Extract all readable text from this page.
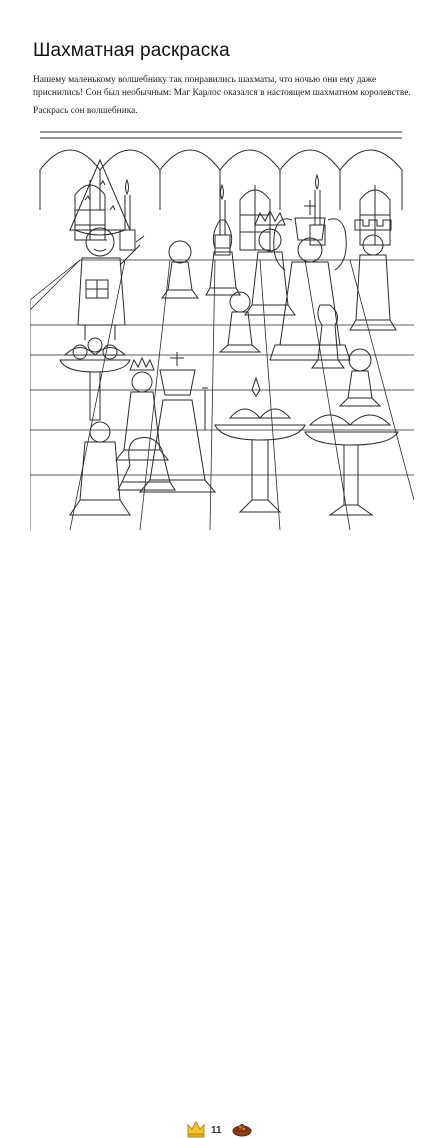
Шахматная раскраска

Нашему маленькому волшебнику так понравились шахматы, что ночью они ему даже приснились! Сон был необычным: Маг Карлос оказался в настоящем шахматном королевстве.

Раскрась сон волшебника.

11
